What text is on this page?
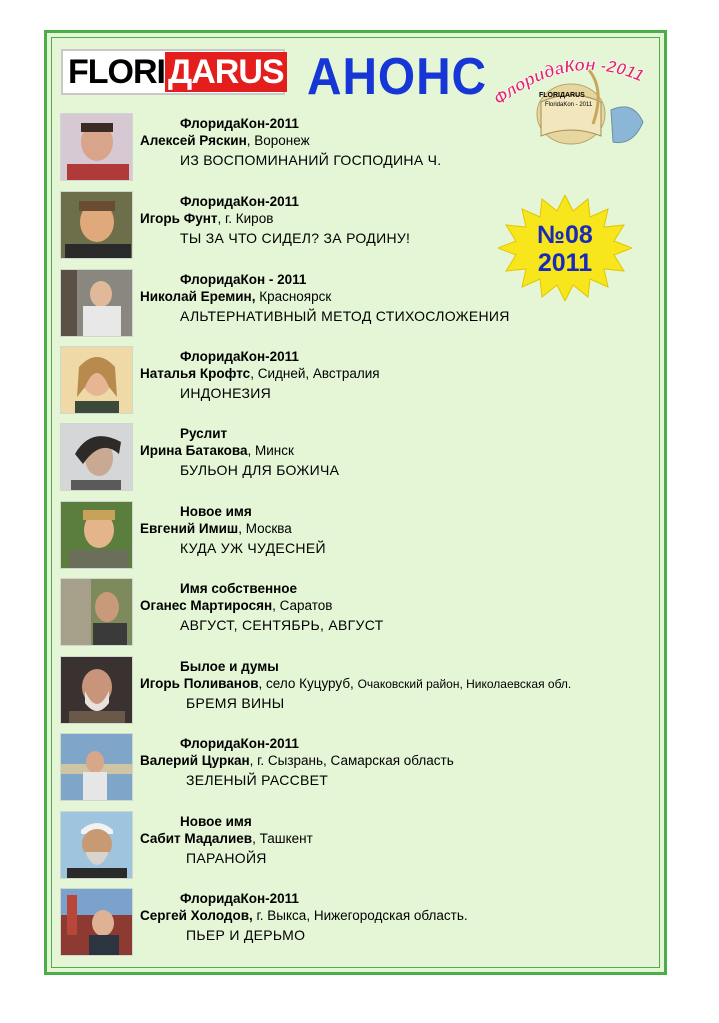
FLORI ДАRUS АНОНС лоридаКон -2011
FLORIДАRUS
FloridaKon - 2011
№08
2011
ФлоридаКон-2011
Алексей Ряскин, Воронеж
ИЗ ВОСПОМИНАНИЙ ГОСПОДИНА Ч.
ФлоридаКон-2011
Игорь Фунт, г. Киров
ТЫ ЗА ЧТО СИДЕЛ? ЗА РОДИНУ!
ФлоридаКон - 2011
Николай Еремин, Красноярск
АЛЬТЕРНАТИВНЫЙ МЕТОД СТИХОСЛОЖЕНИЯ
ФлоридаКон-2011
Наталья Крофтс, Сидней, Австралия
ИНДОНЕЗИЯ
Руслит
Ирина Батакова, Минск
БУЛЬОН ДЛЯ БОЖИЧА
Новое имя
Евгений Имиш, Москва
КУДА УЖ ЧУДЕСНЕЙ
Имя собственное
Оганес Мартиросян, Саратов
АВГУСТ, СЕНТЯБРЬ, АВГУСТ
Былое и думы
Игорь Поливанов, село Куцуруб, Очаковский район, Николаевская обл.
БРЕМЯ ВИНЫ
ФлоридаКон-2011
Валерий Цуркан, г. Сызрань, Самарская область
ЗЕЛЕНЫЙ РАССВЕТ
Новое имя
Сабит Мадалиев, Ташкент
ПАРАНОЙЯ
ФлоридаКон-2011
Сергей Холодов, г. Выкса, Нижегородская область.
ПЬЕР И ДЕРЬМО
